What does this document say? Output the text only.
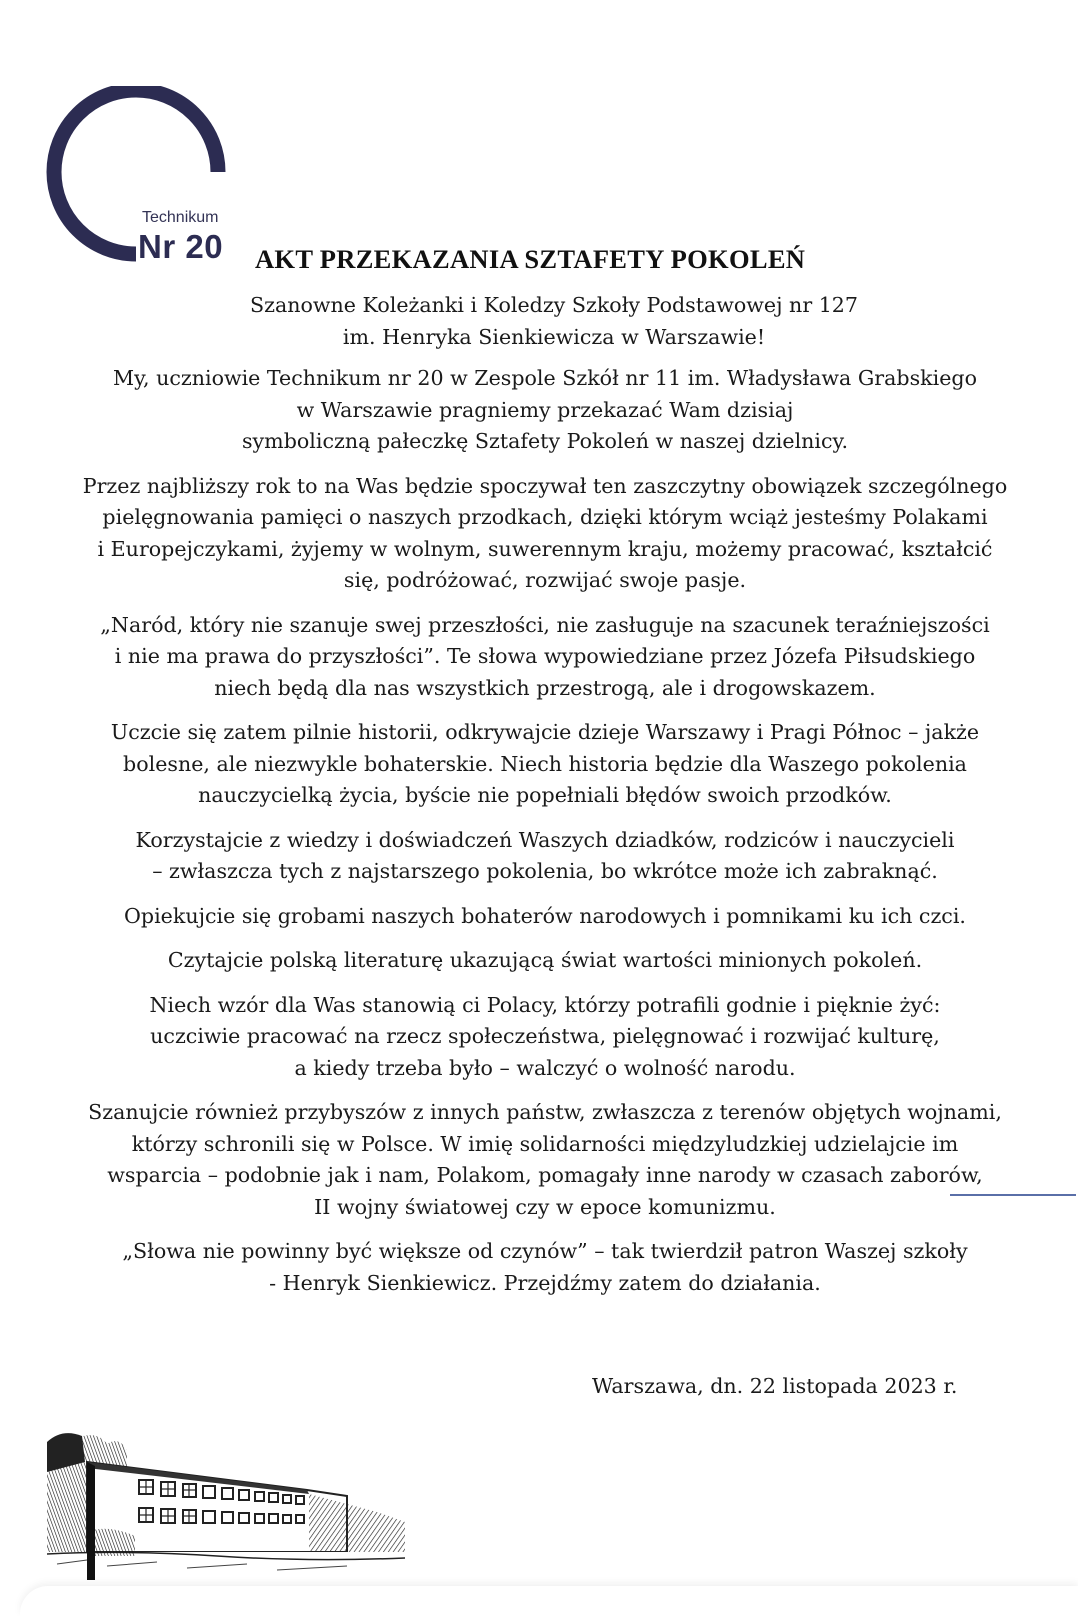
Technikum
Nr 20 AKT PRZEKAZANIA SZTAFETY POKOLEŃ
Szanowne Koleżanki i Koledzy Szkoły Podstawowej nr 127
im. Henryka Sienkiewicza w Warszawie!

My, uczniowie Technikum nr 20 w Zespole Szkół nr 11 im. Władysława Grabskiego
w Warszawie pragniemy przekazać Wam dzisiaj
symboliczną pałeczkę Sztafety Pokoleń w naszej dzielnicy.

Przez najbliższy rok to na Was będzie spoczywał ten zaszczytny obowiązek szczególnego
pielęgnowania pamięci o naszych przodkach, dzięki którym wciąż jesteśmy Polakami
i Europejczykami, żyjemy w wolnym, suwerennym kraju, możemy pracować, kształcić
się, podróżować, rozwijać swoje pasje.

„Naród, który nie szanuje swej przeszłości, nie zasługuje na szacunek teraźniejszości
i nie ma prawa do przyszłości”. Te słowa wypowiedziane przez Józefa Piłsudskiego
niech będą dla nas wszystkich przestrogą, ale i drogowskazem.

Uczcie się zatem pilnie historii, odkrywajcie dzieje Warszawy i Pragi Północ – jakże
bolesne, ale niezwykle bohaterskie. Niech historia będzie dla Waszego pokolenia
nauczycielką życia, byście nie popełniali błędów swoich przodków.

Korzystajcie z wiedzy i doświadczeń Waszych dziadków, rodziców i nauczycieli
– zwłaszcza tych z najstarszego pokolenia, bo wkrótce może ich zabraknąć.

Opiekujcie się grobami naszych bohaterów narodowych i pomnikami ku ich czci.

Czytajcie polską literaturę ukazującą świat wartości minionych pokoleń.

Niech wzór dla Was stanowią ci Polacy, którzy potrafili godnie i pięknie żyć:
uczciwie pracować na rzecz społeczeństwa, pielęgnować i rozwijać kulturę,
a kiedy trzeba było – walczyć o wolność narodu.

Szanujcie również przybyszów z innych państw, zwłaszcza z terenów objętych wojnami,
którzy schronili się w Polsce. W imię solidarności międzyludzkiej udzielajcie im
wsparcia – podobnie jak i nam, Polakom, pomagały inne narody w czasach zaborów,
II wojny światowej czy w epoce komunizmu.

„Słowa nie powinny być większe od czynów” – tak twierdził patron Waszej szkoły
- Henryk Sienkiewicz. Przejdźmy zatem do działania.

Warszawa, dn. 22 listopada 2023 r.
